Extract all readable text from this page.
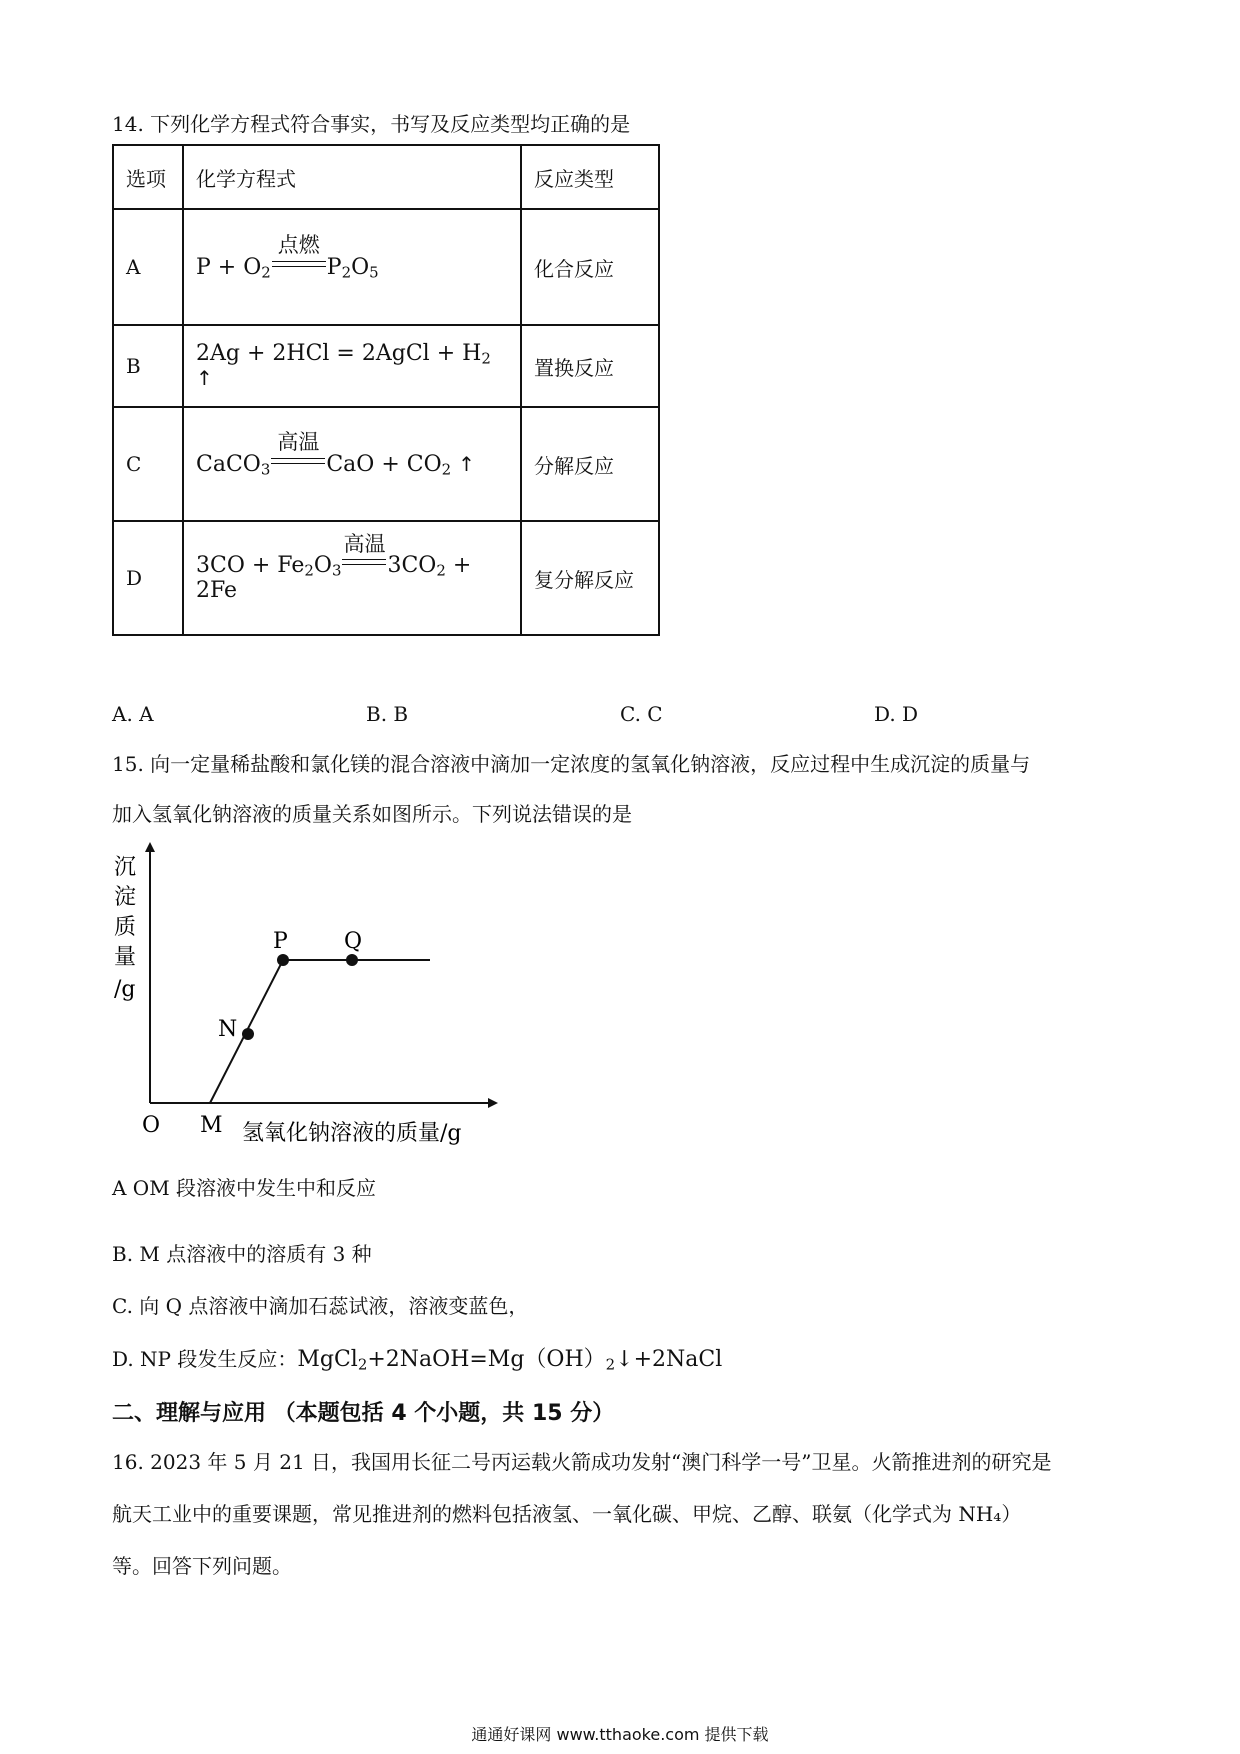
14. 下列化学方程式符合事实，书写及反应类型均正确的是
选项	化学方程式	反应类型
A	$P + O_2$
点燃
$P_2O_5$	化合反应
B	2Ag + 2HCl = 2AgCl + $H_2$ ↑	置换反应
C	CaCO$_3$
高温
CaO + $CO_2$ ↑	分解反应
D	$3CO + Fe_2O_3$
高温
$3CO_2 + 2Fe$	复分解反应
A. A	B. B	C. C	D. D
15. 向一定量稀盐酸和氯化镁的混合溶液中滴加一定浓度的氢氧化钠溶液，反应过程中生成沉淀的质量与
加入氢氧化钠溶液的质量关系如图所示。下列说法错误的是
沉
淀
质
量
/g
O M
N
P	Q
氢氧化钠溶液的质量/g
A OM 段溶液中发生中和反应
B. M 点溶液中的溶质有 3 种
C. 向 Q 点溶液中滴加石蕊试液，溶液变蓝色，
D. NP 段发生反应：$MgCl_2+2NaOH=Mg(OH)_2↓+2NaCl$
二、理解与应用 （本题包括 4 个小题，共 15 分）
16. 2023 年 5 月 21 日，我国用长征二号丙运载火箭成功发射“澳门科学一号”卫星。火箭推进剂的研究是
航天工业中的重要课题，常见推进剂的燃料包括液氢、一氧化碳、甲烷、乙醇、联氨（化学式为 NH₄）
等。回答下列问题。
通通好课网 www.tthaoke.com 提供下载
